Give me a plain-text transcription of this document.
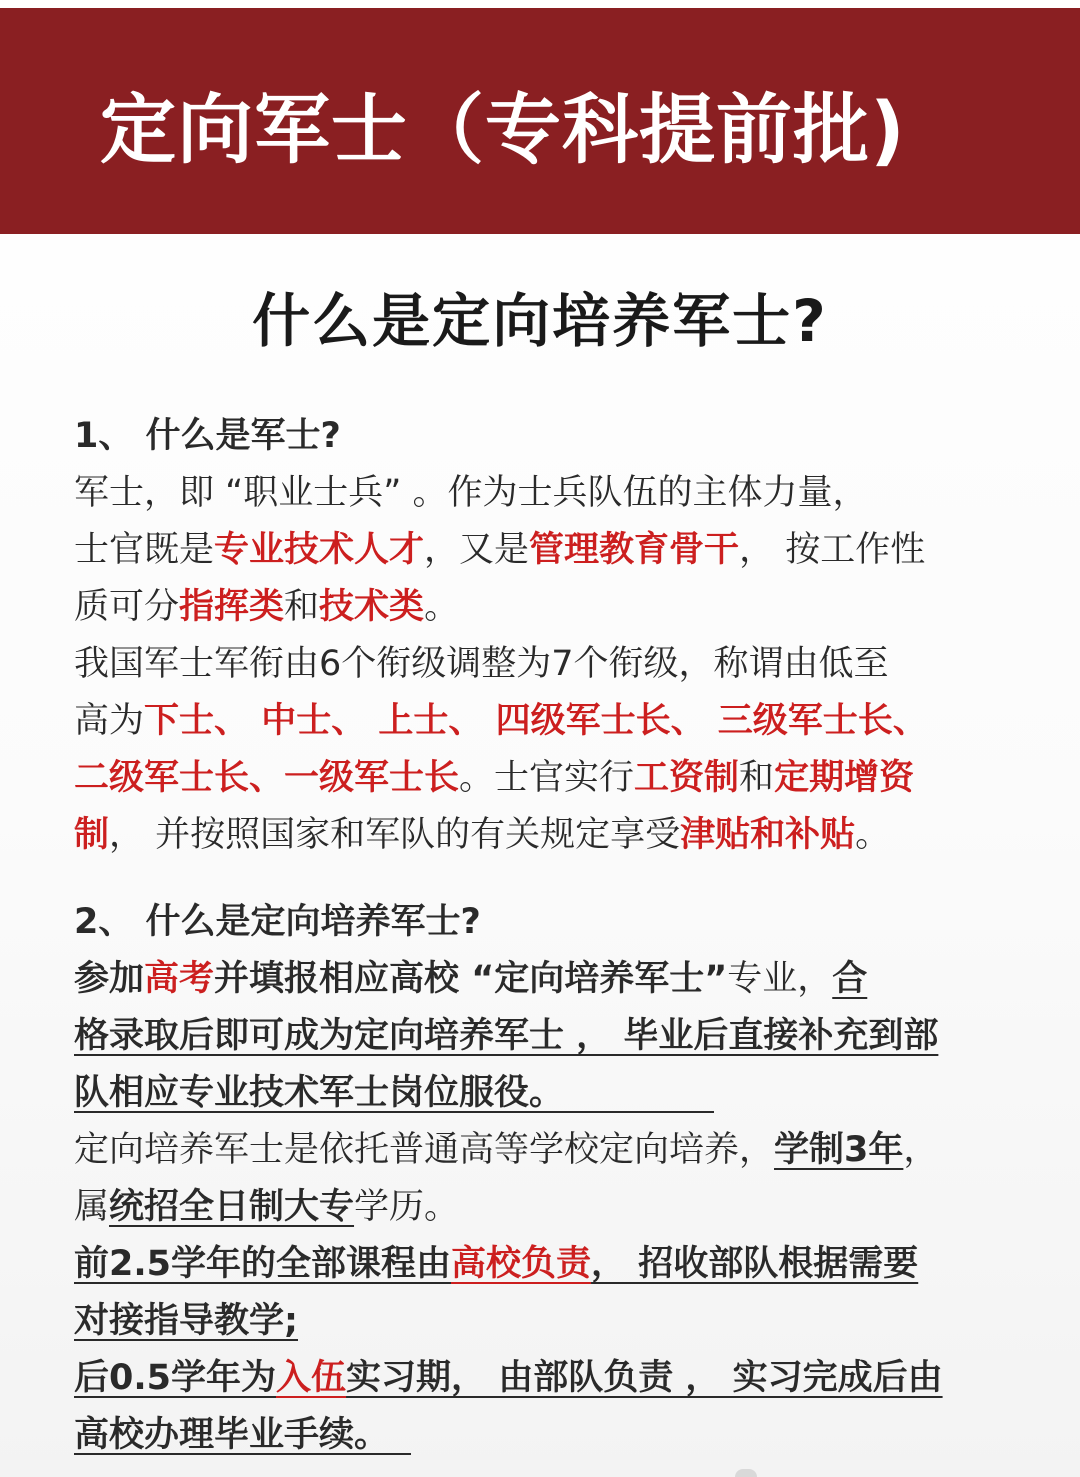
定向军士（专科提前批)
什么是定向培养军士?
1、 什么是军士?
军士，即 “职业士兵” 。作为士兵队伍的主体力量，
士官既是专业技术人才，又是管理教育骨干， 按工作性
质可分指挥类和技术类。
我国军士军衔由6个衔级调整为7个衔级，称谓由低至
高为下士、 中士、 上士、 四级军士长、 三级军士长、
二级军士长、一级军士长。士官实行工资制和定期增资
制， 并按照国家和军队的有关规定享受津贴和补贴。
2、 什么是定向培养军士?
参加高考并填报相应高校 “定向培养军士”专业，合
格录取后即可成为定向培养军士 ， 毕业后直接补充到部
队相应专业技术军士岗位服役。
定向培养军士是依托普通高等学校定向培养，学制3年，
属统招全日制大专学历。
前2.5学年的全部课程由高校负责， 招收部队根据需要
对接指导教学;
后0.5学年为入伍实习期， 由部队负责 ， 实习完成后由
高校办理毕业手续。
